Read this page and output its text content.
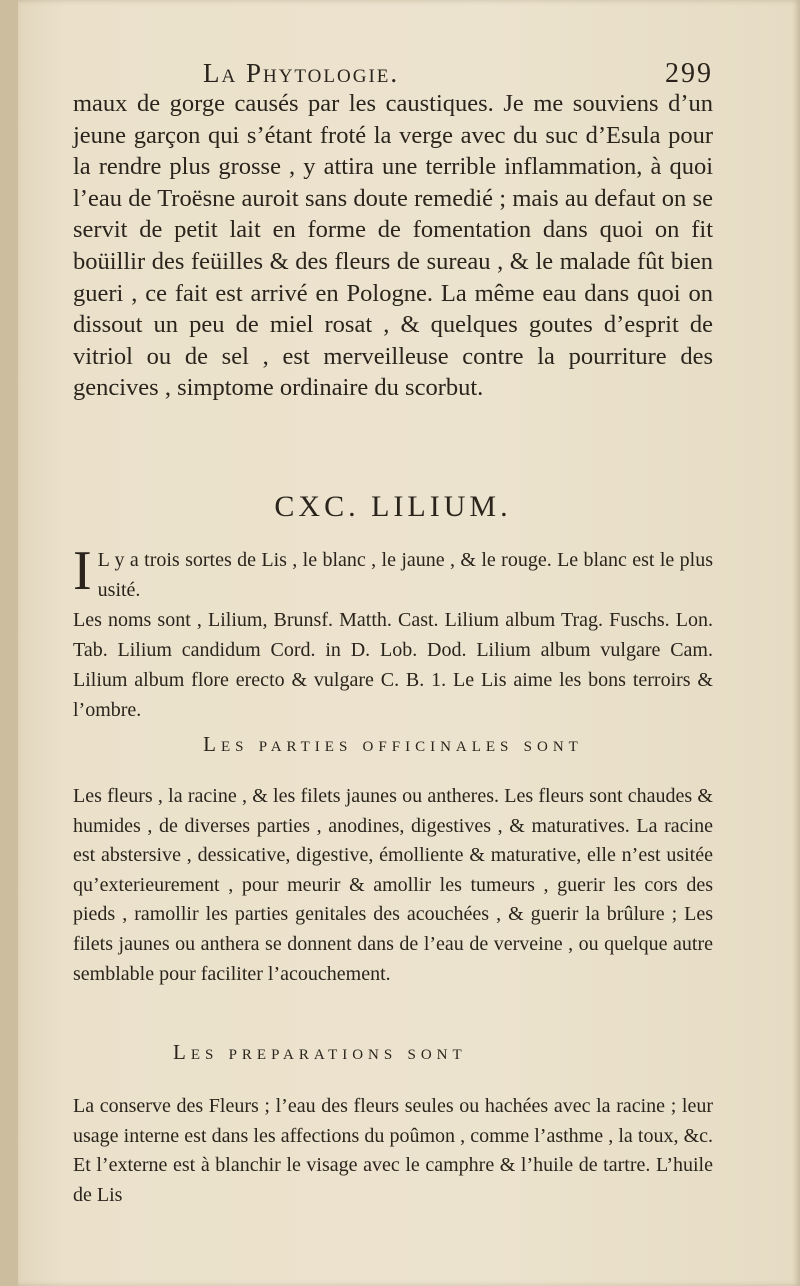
La Phytologie.	299
maux de gorge causés par les caustiques. Je me souviens d’un jeune garçon qui s’étant froté la verge avec du suc d’Esula pour la rendre plus grosse , y attira une terrible inflammation, à quoi l’eau de Troësne auroit sans doute remedié ; mais au defaut on se servit de petit lait en forme de fomentation dans quoi on fit boüillir des feüilles & des fleurs de sureau , & le malade fût bien gueri , ce fait est arrivé en Pologne. La même eau dans quoi on dissout un peu de miel rosat , & quelques goutes d’esprit de vitriol ou de sel , est merveilleuse contre la pourriture des gencives , simptome ordinaire du scorbut.
CXC. LILIUM.
I L y a trois sortes de Lis , le blanc , le jaune , & le rouge. Le blanc est le plus usité.
Les noms sont , Lilium, Brunsf. Matth. Cast. Lilium album Trag. Fuschs. Lon. Tab. Lilium candidum Cord. in D. Lob. Dod. Lilium album vulgare Cam. Lilium album flore erecto & vulgare C. B. 1. Le Lis aime les bons terroirs & l’ombre.
Les parties officinales sont
Les fleurs , la racine , & les filets jaunes ou antheres. Les fleurs sont chaudes & humides , de diverses parties , anodines, digestives , & maturatives. La racine est abstersive , dessicative, digestive, émolliente & maturative, elle n’est usitée qu’exterieurement , pour meurir & amollir les tumeurs , guerir les cors des pieds , ramollir les parties genitales des acouchées , & guerir la brûlure ; Les filets jaunes ou anthera se donnent dans de l’eau de verveine , ou quelque autre semblable pour faciliter l’acouchement.
Les preparations sont
La conserve des Fleurs ; l’eau des fleurs seules ou hachées avec la racine ; leur usage interne est dans les affections du poûmon , comme l’asthme , la toux, &c. Et l’externe est à blanchir le visage avec le camphre & l’huile de tartre. L’huile de Lis
